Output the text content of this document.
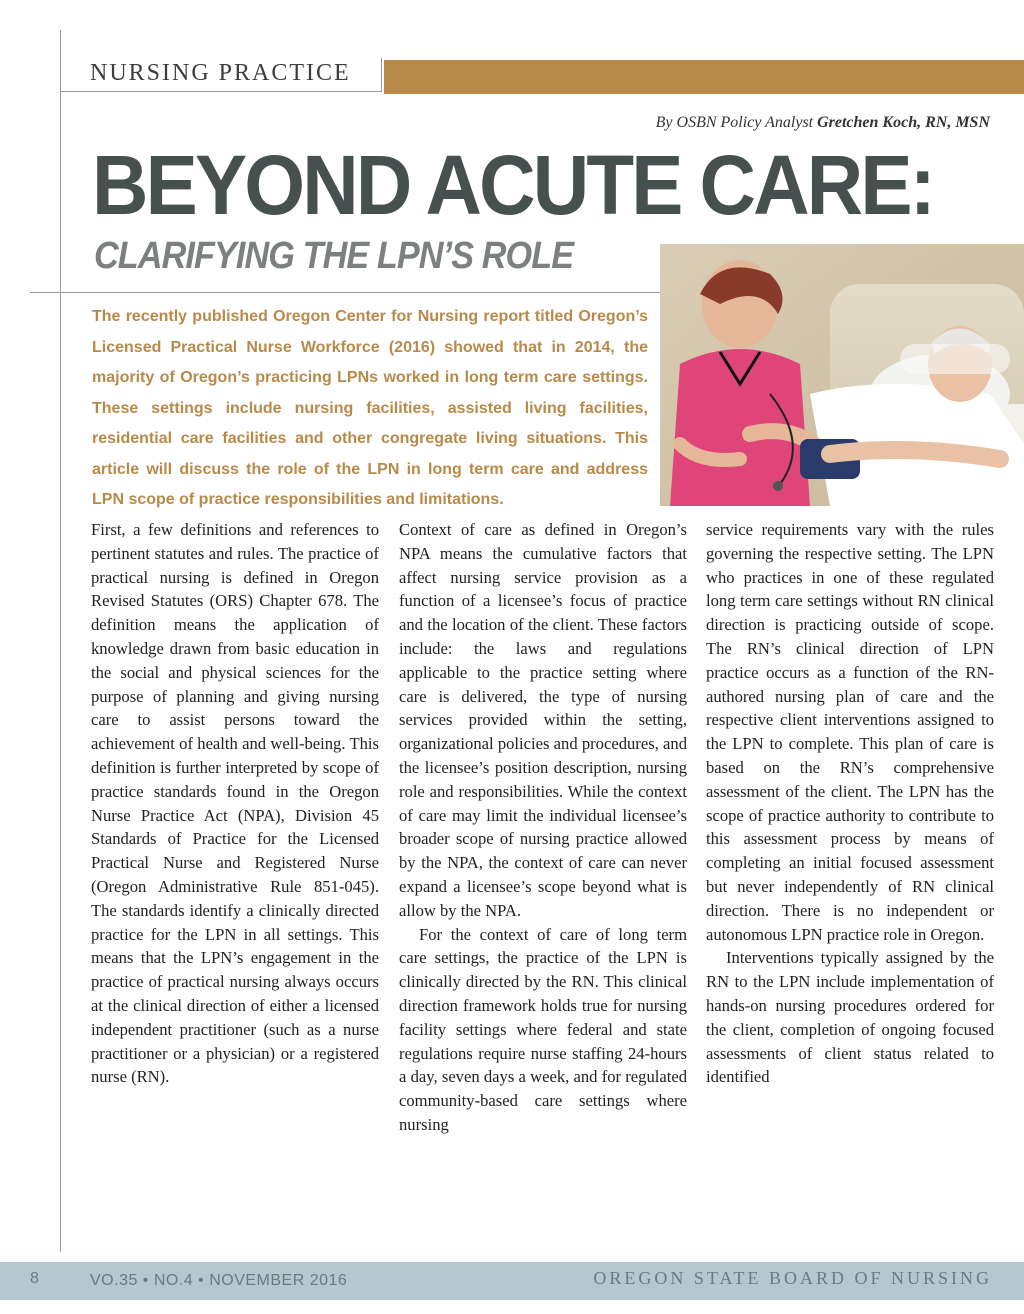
NURSING PRACTICE
By OSBN Policy Analyst Gretchen Koch, RN, MSN
BEYOND ACUTE CARE:
CLARIFYING THE LPN’S ROLE
The recently published Oregon Center for Nursing report titled Oregon’s Licensed Practical Nurse Workforce (2016) showed that in 2014, the majority of Oregon’s practicing LPNs worked in long term care settings. These settings include nursing facilities, assisted living facilities, residential care facilities and other congregate living situations. This article will discuss the role of the LPN in long term care and address LPN scope of practice responsibilities and limitations.

First, a few definitions and references to pertinent statutes and rules. The practice of practical nursing is defined in Oregon Revised Statutes (ORS) Chapter 678. The definition means the application of knowledge drawn from basic education in the social and physical sciences for the purpose of planning and giving nursing care to assist persons toward the achievement of health and well-being. This definition is further interpreted by scope of practice standards found in the Oregon Nurse Practice Act (NPA), Division 45 Standards of Practice for the Licensed Practical Nurse and Registered Nurse (Oregon Administrative Rule 851-045). The standards identify a clinically directed practice for the LPN in all settings. This means that the LPN’s engagement in the practice of practical nursing always occurs at the clinical direction of either a licensed independent practitioner (such as a nurse practitioner or a physician) or a registered nurse (RN).

Context of care as defined in Oregon’s NPA means the cumulative factors that affect nursing service provision as a function of a licensee’s focus of practice and the location of the client. These factors include: the laws and regulations applicable to the practice setting where care is delivered, the type of nursing services provided within the setting, organizational policies and procedures, and the licensee’s position description, nursing role and responsibilities. While the context of care may limit the individual licensee’s broader scope of nursing practice allowed by the NPA, the context of care can never expand a licensee’s scope beyond what is allow by the NPA.

For the context of care of long term care settings, the practice of the LPN is clinically directed by the RN. This clinical direction framework holds true for nursing facility settings where federal and state regulations require nurse staffing 24-hours a day, seven days a week, and for regulated community-based care settings where nursing

service requirements vary with the rules governing the respective setting. The LPN who practices in one of these regulated long term care settings without RN clinical direction is practicing outside of scope. The RN’s clinical direction of LPN practice occurs as a function of the RN-authored nursing plan of care and the respective client interventions assigned to the LPN to complete. This plan of care is based on the RN’s comprehensive assessment of the client. The LPN has the scope of practice authority to contribute to this assessment process by means of completing an initial focused assessment but never independently of RN clinical direction. There is no independent or autonomous LPN practice role in Oregon.

Interventions typically assigned by the RN to the LPN include implementation of hands-on nursing procedures ordered for the client, completion of ongoing focused assessments of client status related to identified

8	VO.35 • NO.4 • NOVEMBER 2016	OREGON STATE BOARD OF NURSING
